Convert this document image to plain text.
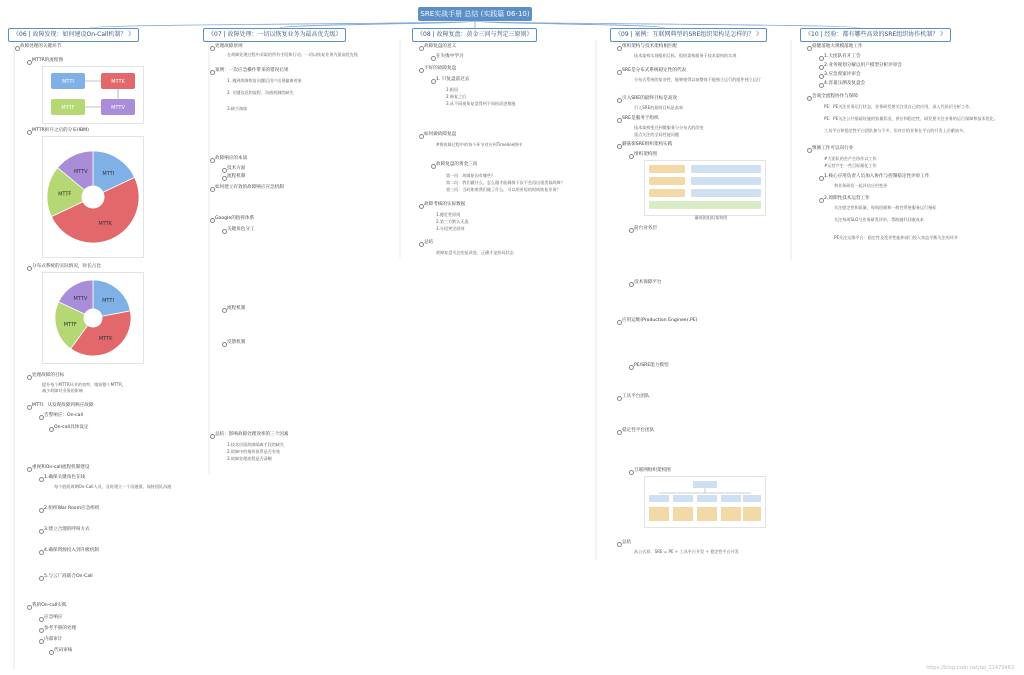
SRE实战手册 总结 (实践篇 06-10)
《06 | 故障发现：如何建设On-Call机制？ 》
故障处理的关键环节
MTTR的流程图
MTTI	MTTK
MTTF	MTTV
MTTR拆开之后的分布(IBM)
MTTI
MTTK
MTTF
MTTV
分布式系统的实际情况，时长占比
MTTI
MTTK
MTTF
MTTV
处理故障的目标
提升每个MTTR环节的效率，缩短整个MTTR，
减少故障对业务的影响
MTTI：从发现故障到响应故障
告警响应：On-call
On-call具体设定
重视和On-call流程机制建设
1.确保关键角色在线
每个值班周期On-Call人员，及时建立一个沟通群，保持团队沟通
2.组织War Room应急组织
3.建立合理的呼叫方式
4.确保资源投入到升级机制
5.与云厂商联合On-Call
我的On-call实践
应急响应
参考手册的处理
内部审计
代码审核
《07 | 故障处理：一切以恢复业务为最高优先级》
处理故障原则
在故障处理过程中采取的所有手段和行动，一切以恢复业务为最高优先级
案例：一次应急操作带来的错误后果
1. 遇到故障恢复问题后用户出现偏离迹象
2. 关键信息和流程、沟通机制的缺失
3.缺少演练
故障响应的本质
技术方面
流程机制
如何建立有效的故障响应应急机制
Google的指挥体系
关键角色分工
流程机制
反馈机制
总结：影响故障处理效率的三个因素
1.技术层面故障隔离手段的缺失
2.故障中的指挥体系是否有效
3.故障处理流程是否清晰
《08 | 故障复盘：黄金三问与判定三原则》
故障复盘的意义
在失败中学习
不好的故障复盘
1. 只复盘前过去
1.根因
2.修复之后
3.从不同视角复盘得到不同的改进措施
如何做故障复盘
#将故障过程中的每个环节对应到Timeline图中
故障复盘的黄金三问
第一问：故障原因有哪些？
第二问：我们做什么，怎么做才能确保下次不会再出现类似故障？
第三问：当时如果我们做了什么，可以用更短的时间恢复业务？
故障考核的实际数据
1.健壮性原则
2.第三方默认无责
3.分段判定原则
总结
故障复盘关注的是改进，正确才是终局状态
《09 | 案例：互联网典型的SRE组织架构是怎样的？ 》
组织架构与技术架构相匹配
技术架构实现组织目标，组织架构服务于技术架构的实现
SRE是分布式系统稳定性的代表
分布式系统的复杂性，能够使得以前整体不能独立运行的组件独立运行
引入SRE的最终目标是高效
引入SRE的最终目标是高效
SRE是服务于组织
技术架构变迁到微服务与分布式的改变
重点关注的全局性能问题
蘑菇街SRE组织架构实践
组织架构图
蘑菇街组织架构图
前台业务层
技术保障平台
应用运维(Production Engineer,PE)
PE/SRE能力模型
工具平台团队
稳定性平台团队
互联网组织架构图
总结
从公式看：SRE = PE + 工具平台开发 + 稳定性平台开发
《10 | 经验：都有哪些高效的SRE组织协作机制？ 》
稳健落地大规模落地工作
1.大团队有开工会
2.业务规划分解以用户模型分析评审会
3.应急预案评审会
4.容量压测及复盘会
会商全流程协作与保障
PE：PE关注业务运行状态，业务研发要关注其自己的应用，深入代码层分析工作。
PE：PE关注公共基础设施的容量状况、供应和稳定性，研发要关注业务的运行保障和技术优化。
工具平台和稳定性平台团队参与不多，但对应的业务在平台的开发上贡献较多。
慎修工作可以向行业
#大团队的会产生协作以工作
#运营产生一些目标细化工作
1.核心应用负责人员加入协作与控制稳定性评审工作
和业务研发一起评估应用变更
2.周期性技术运营工作
关注稳定性和质量，每周回顾和一般性系统服务运行指标
关注每周SLO与业务研发评审，帮助做好回滚成本
PE关注运维平台：稳定性及变更性能和部门投入效益平衡关注的环节
https://blog.csdn.net/qq_21473463
